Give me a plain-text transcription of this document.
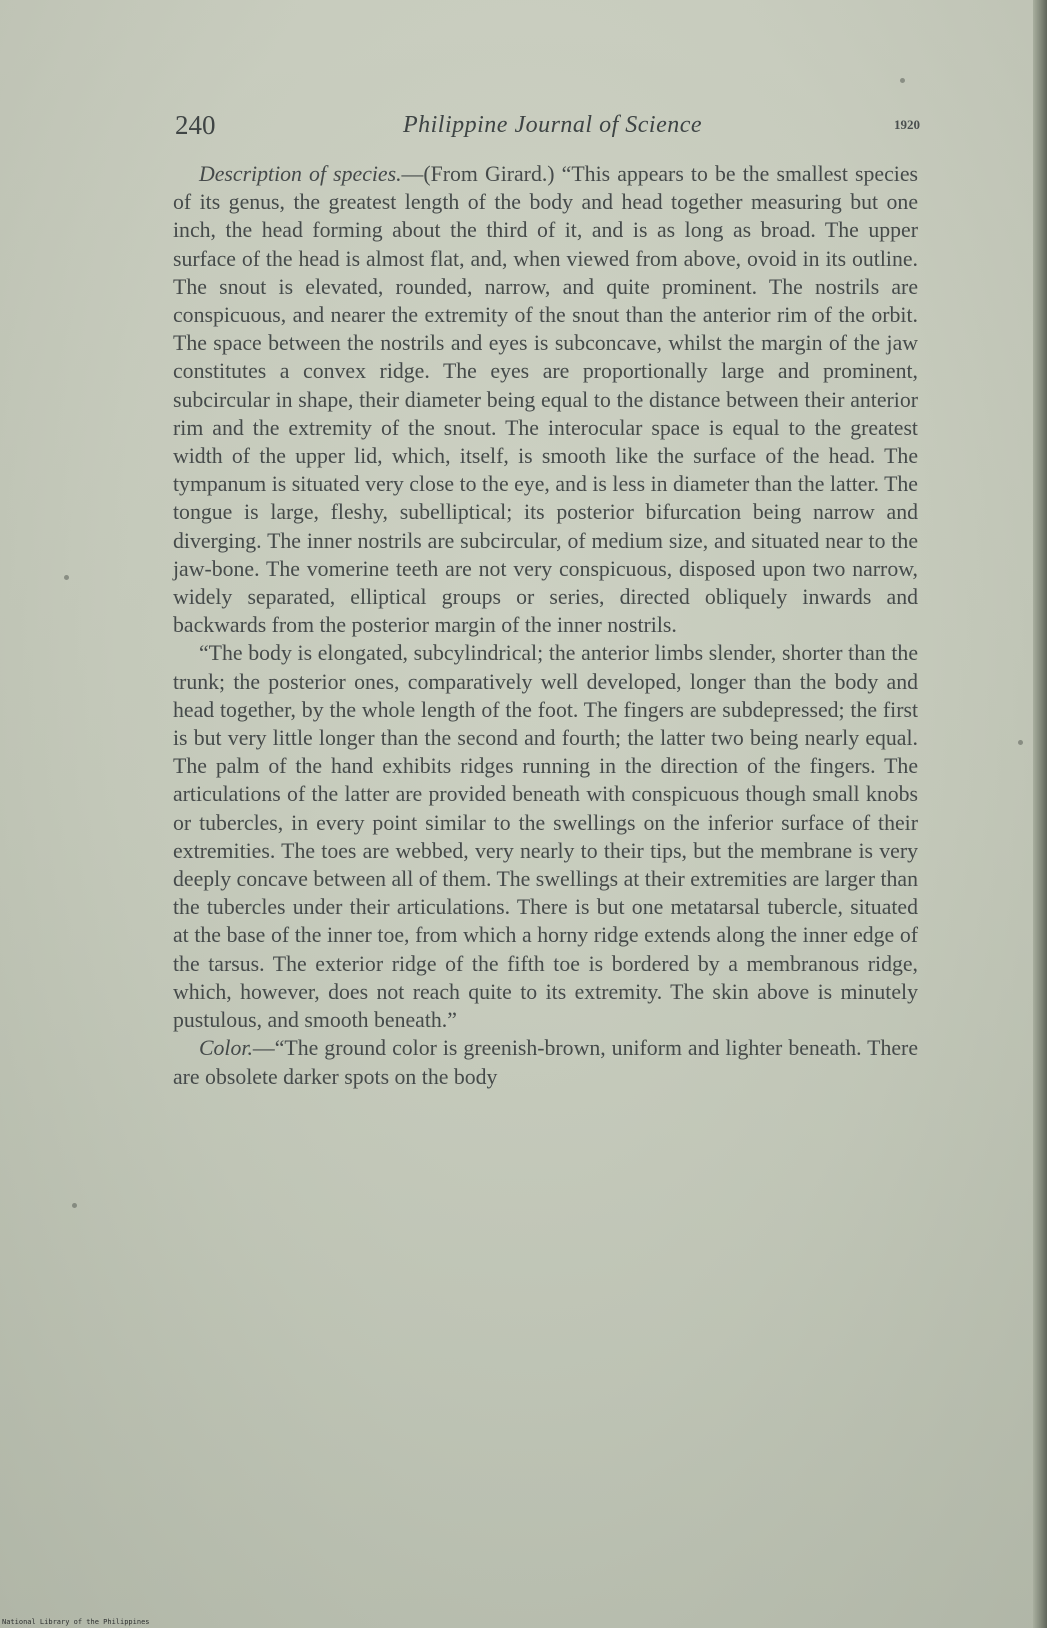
240	Philippine Journal of Science	1920

Description of species.—(From Girard.) “This appears to be the smallest species of its genus, the greatest length of the body and head together measuring but one inch, the head forming about the third of it, and is as long as broad. The upper surface of the head is almost flat, and, when viewed from above, ovoid in its outline. The snout is elevated, rounded, narrow, and quite prominent. The nostrils are conspicuous, and nearer the extremity of the snout than the anterior rim of the orbit. The space between the nostrils and eyes is subconcave, whilst the margin of the jaw constitutes a convex ridge. The eyes are proportionally large and prominent, subcircular in shape, their diameter being equal to the distance between their anterior rim and the extremity of the snout. The interocular space is equal to the greatest width of the upper lid, which, itself, is smooth like the surface of the head. The tympanum is situated very close to the eye, and is less in diameter than the latter. The tongue is large, fleshy, subelliptical; its posterior bifurcation being narrow and diverging. The inner nostrils are subcircular, of medium size, and situated near to the jaw-bone. The vomerine teeth are not very conspicuous, disposed upon two narrow, widely separated, elliptical groups or series, directed obliquely inwards and backwards from the posterior margin of the inner nostrils.

“The body is elongated, subcylindrical; the anterior limbs slender, shorter than the trunk; the posterior ones, comparatively well developed, longer than the body and head together, by the whole length of the foot. The fingers are subdepressed; the first is but very little longer than the second and fourth; the latter two being nearly equal. The palm of the hand exhibits ridges running in the direction of the fingers. The articulations of the latter are provided beneath with conspicuous though small knobs or tubercles, in every point similar to the swellings on the inferior surface of their extremities. The toes are webbed, very nearly to their tips, but the membrane is very deeply concave between all of them. The swellings at their extremities are larger than the tubercles under their articulations. There is but one metatarsal tubercle, situated at the base of the inner toe, from which a horny ridge extends along the inner edge of the tarsus. The exterior ridge of the fifth toe is bordered by a membranous ridge, which, however, does not reach quite to its extremity. The skin above is minutely pustulous, and smooth beneath.”

Color.—“The ground color is greenish-brown, uniform and lighter beneath. There are obsolete darker spots on the body

National Library of the Philippines
